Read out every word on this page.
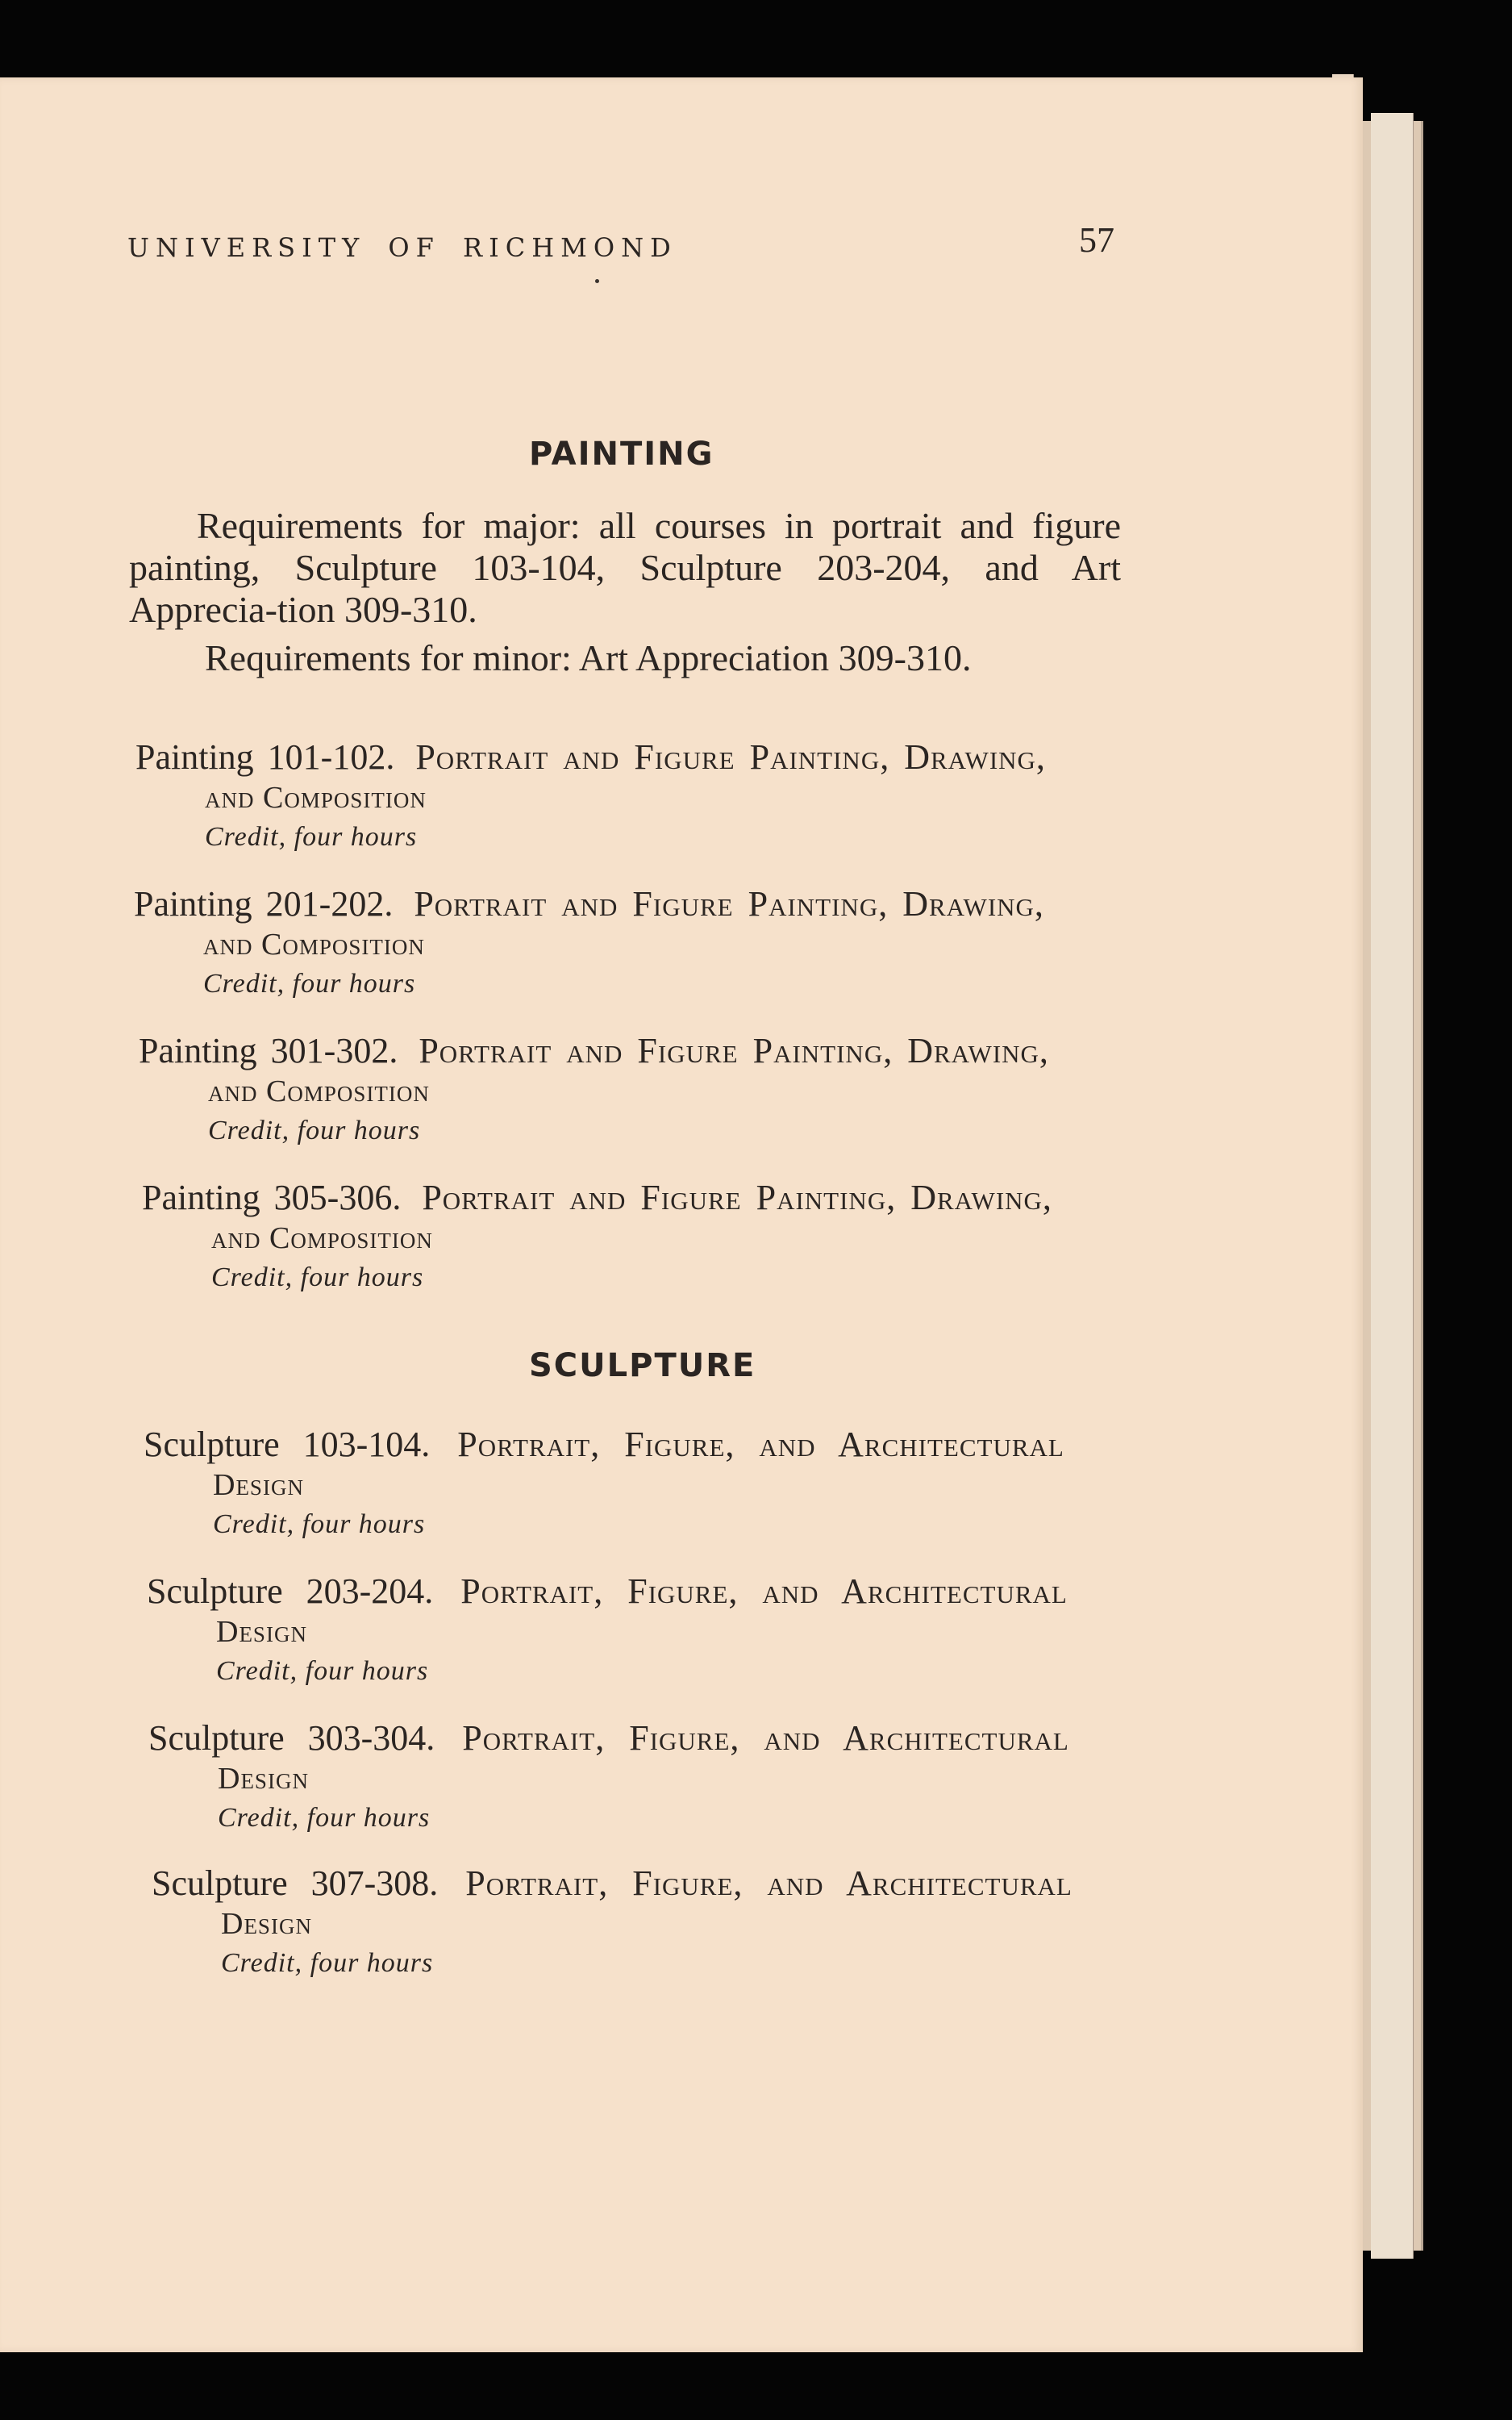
UNIVERSITY OF RICHMOND	57
PAINTING
Requirements for major: all courses in portrait and figure painting, Sculpture 103-104, Sculpture 203-204, and Art Apprecia-tion 309-310.
Requirements for minor: Art Appreciation 309-310.
Painting 101-102. Portrait and Figure Painting, Drawing,
and Composition
Credit, four hours
Painting 201-202. Portrait and Figure Painting, Drawing,
and Composition
Credit, four hours
Painting 301-302. Portrait and Figure Painting, Drawing,
and Composition
Credit, four hours
Painting 305-306. Portrait and Figure Painting, Drawing,
and Composition
Credit, four hours
SCULPTURE
Sculpture 103-104. Portrait, Figure, and Architectural
Design
Credit, four hours
Sculpture 203-204. Portrait, Figure, and Architectural
Design
Credit, four hours
Sculpture 303-304. Portrait, Figure, and Architectural
Design
Credit, four hours
Sculpture 307-308. Portrait, Figure, and Architectural
Design
Credit, four hours
